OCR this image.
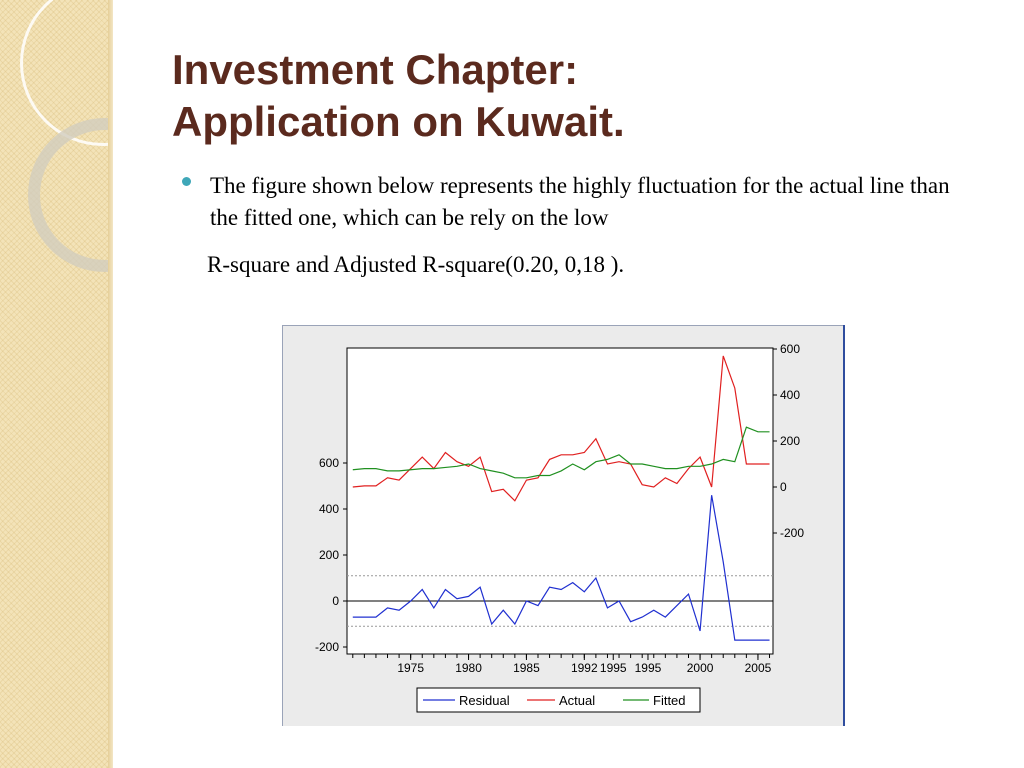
Investment Chapter:
Application on Kuwait.

The figure shown below represents the highly fluctuation for the actual line than the fitted one, which can be rely on the low

R-square and Adjusted R-square(0.20, 0,18 ).

600
400
200
0
-200
600
400
200
0
-200
1975	1980	1985	1992 1995 1995 2000	2005
Residual	Actual	Fitted
